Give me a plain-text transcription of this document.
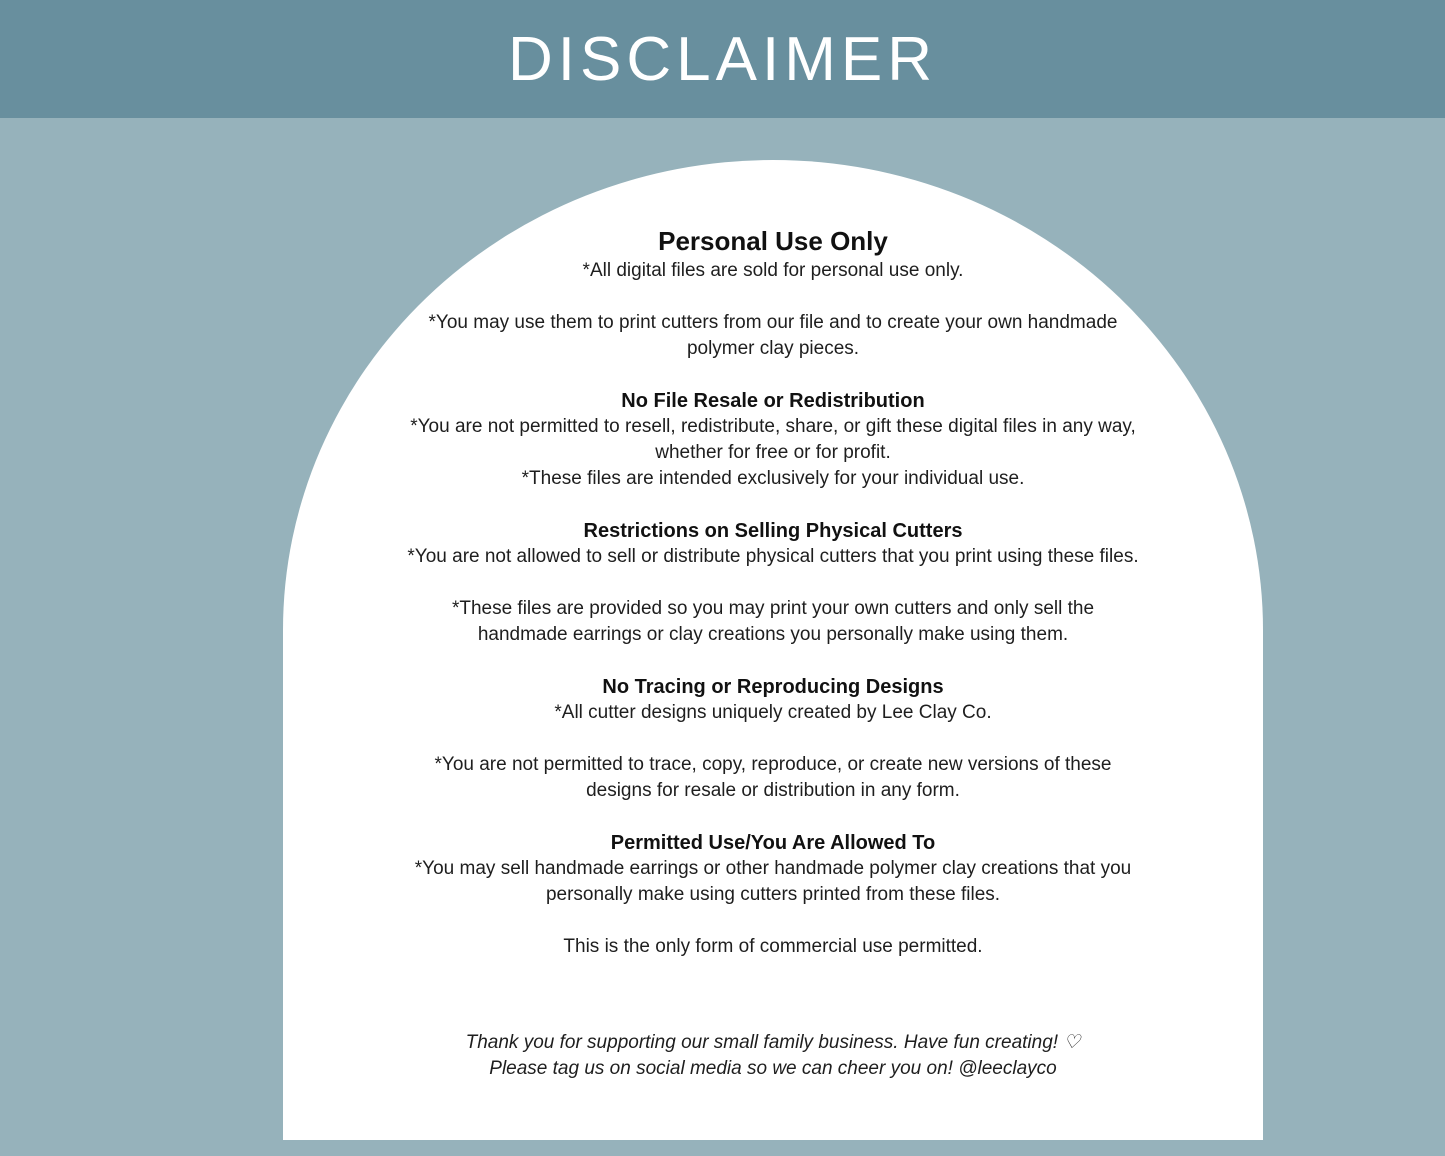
DISCLAIMER
Personal Use Only

*All digital files are sold for personal use only.

*You may use them to print cutters from our file and to create your own handmade polymer clay pieces.

No File Resale or Redistribution

*You are not permitted to resell, redistribute, share, or gift these digital files in any way, whether for free or for profit.

*These files are intended exclusively for your individual use.

Restrictions on Selling Physical Cutters

*You are not allowed to sell or distribute physical cutters that you print using these files.

*These files are provided so you may print your own cutters and only sell the handmade earrings or clay creations you personally make using them.

No Tracing or Reproducing Designs

*All cutter designs uniquely created by Lee Clay Co.

*You are not permitted to trace, copy, reproduce, or create new versions of these designs for resale or distribution in any form.

Permitted Use/You Are Allowed To

*You may sell handmade earrings or other handmade polymer clay creations that you personally make using cutters printed from these files.

This is the only form of commercial use permitted.

Thank you for supporting our small family business. Have fun creating! ♡

Please tag us on social media so we can cheer you on! @leeclayco
